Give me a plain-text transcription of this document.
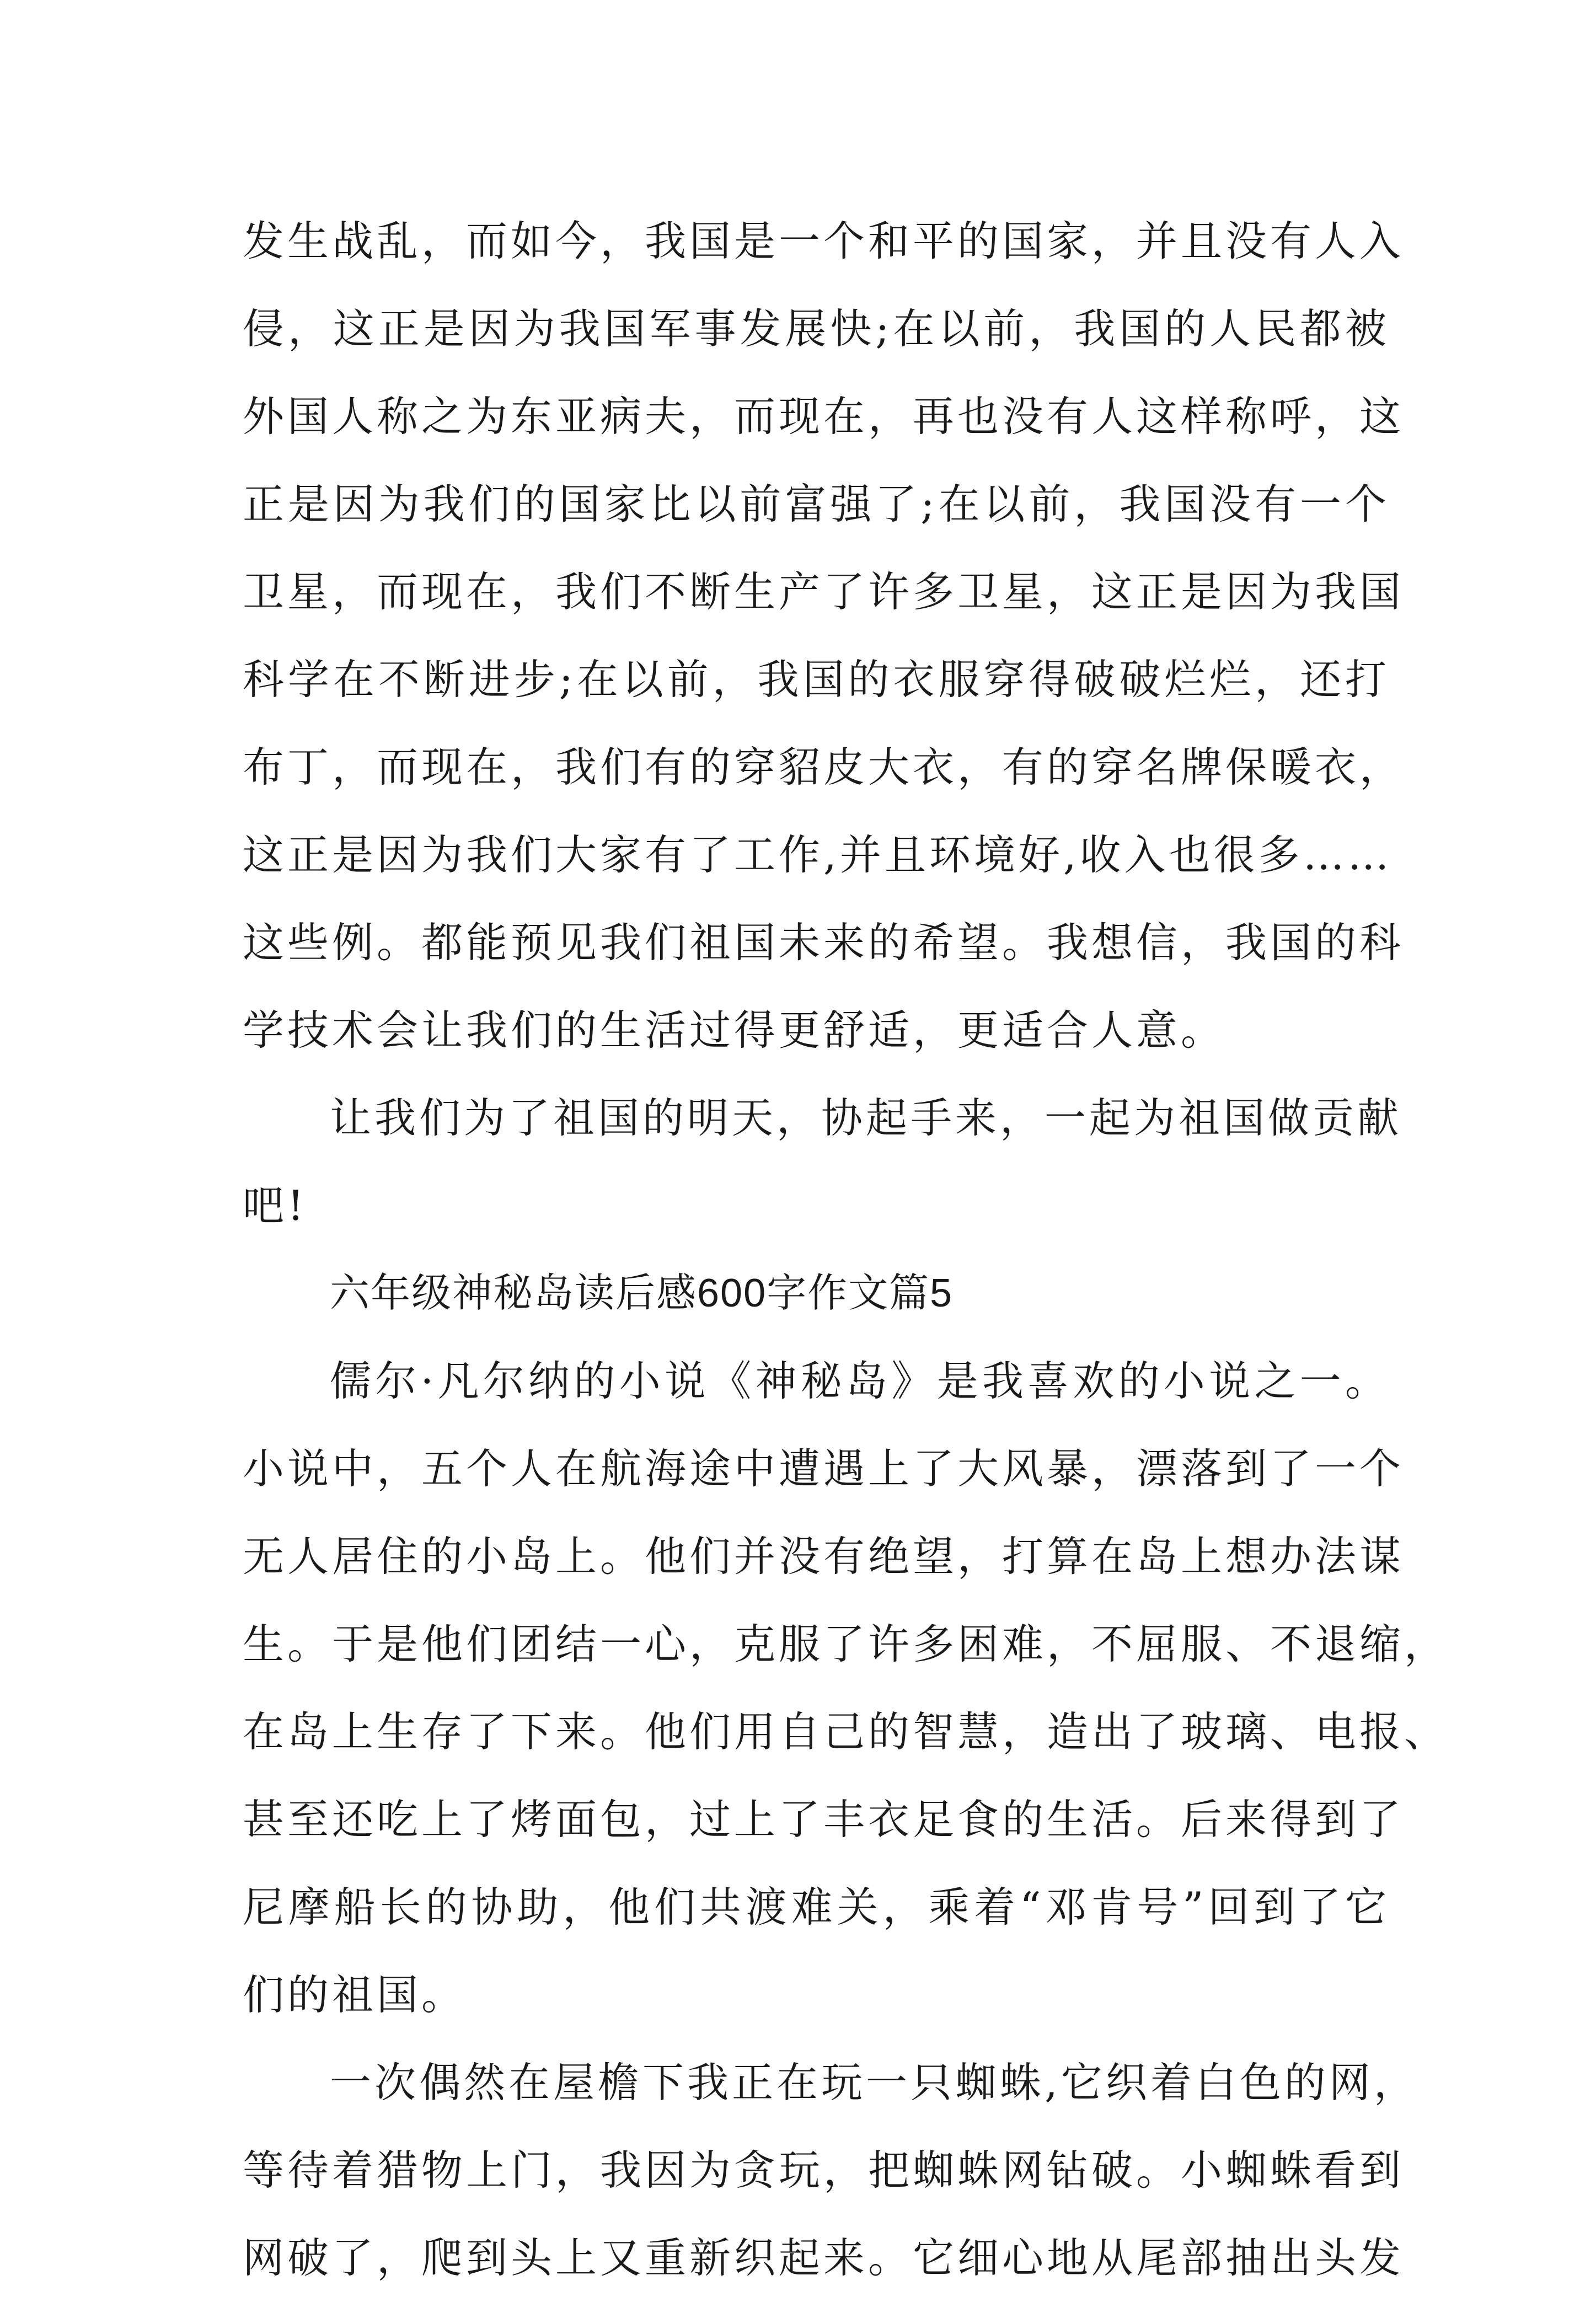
发生战乱，而如今，我国是一个和平的国家，并且没有人入
侵，这正是因为我国军事发展快;在以前，我国的人民都被
外国人称之为东亚病夫，而现在，再也没有人这样称呼，这
正是因为我们的国家比以前富强了;在以前，我国没有一个
卫星，而现在，我们不断生产了许多卫星，这正是因为我国
科学在不断进步;在以前，我国的衣服穿得破破烂烂，还打
布丁，而现在，我们有的穿貂皮大衣，有的穿名牌保暖衣，
这正是因为我们大家有了工作,并且环境好,收入也很多……
这些例。都能预见我们祖国未来的希望。我想信，我国的科
学技术会让我们的生活过得更舒适，更适合人意。
让我们为了祖国的明天，协起手来，一起为祖国做贡献
吧!
六年级神秘岛读后感600字作文篇5
儒尔·凡尔纳的小说《神秘岛》是我喜欢的小说之一。
小说中，五个人在航海途中遭遇上了大风暴，漂落到了一个
无人居住的小岛上。他们并没有绝望，打算在岛上想办法谋
生。于是他们团结一心，克服了许多困难，不屈服、不退缩，
在岛上生存了下来。他们用自己的智慧，造出了玻璃、电报、
甚至还吃上了烤面包，过上了丰衣足食的生活。后来得到了
尼摩船长的协助，他们共渡难关，乘着“邓肯号”回到了它
们的祖国。
一次偶然在屋檐下我正在玩一只蜘蛛,它织着白色的网，
等待着猎物上门，我因为贪玩，把蜘蛛网钻破。小蜘蛛看到
网破了，爬到头上又重新织起来。它细心地从尾部抽出头发
